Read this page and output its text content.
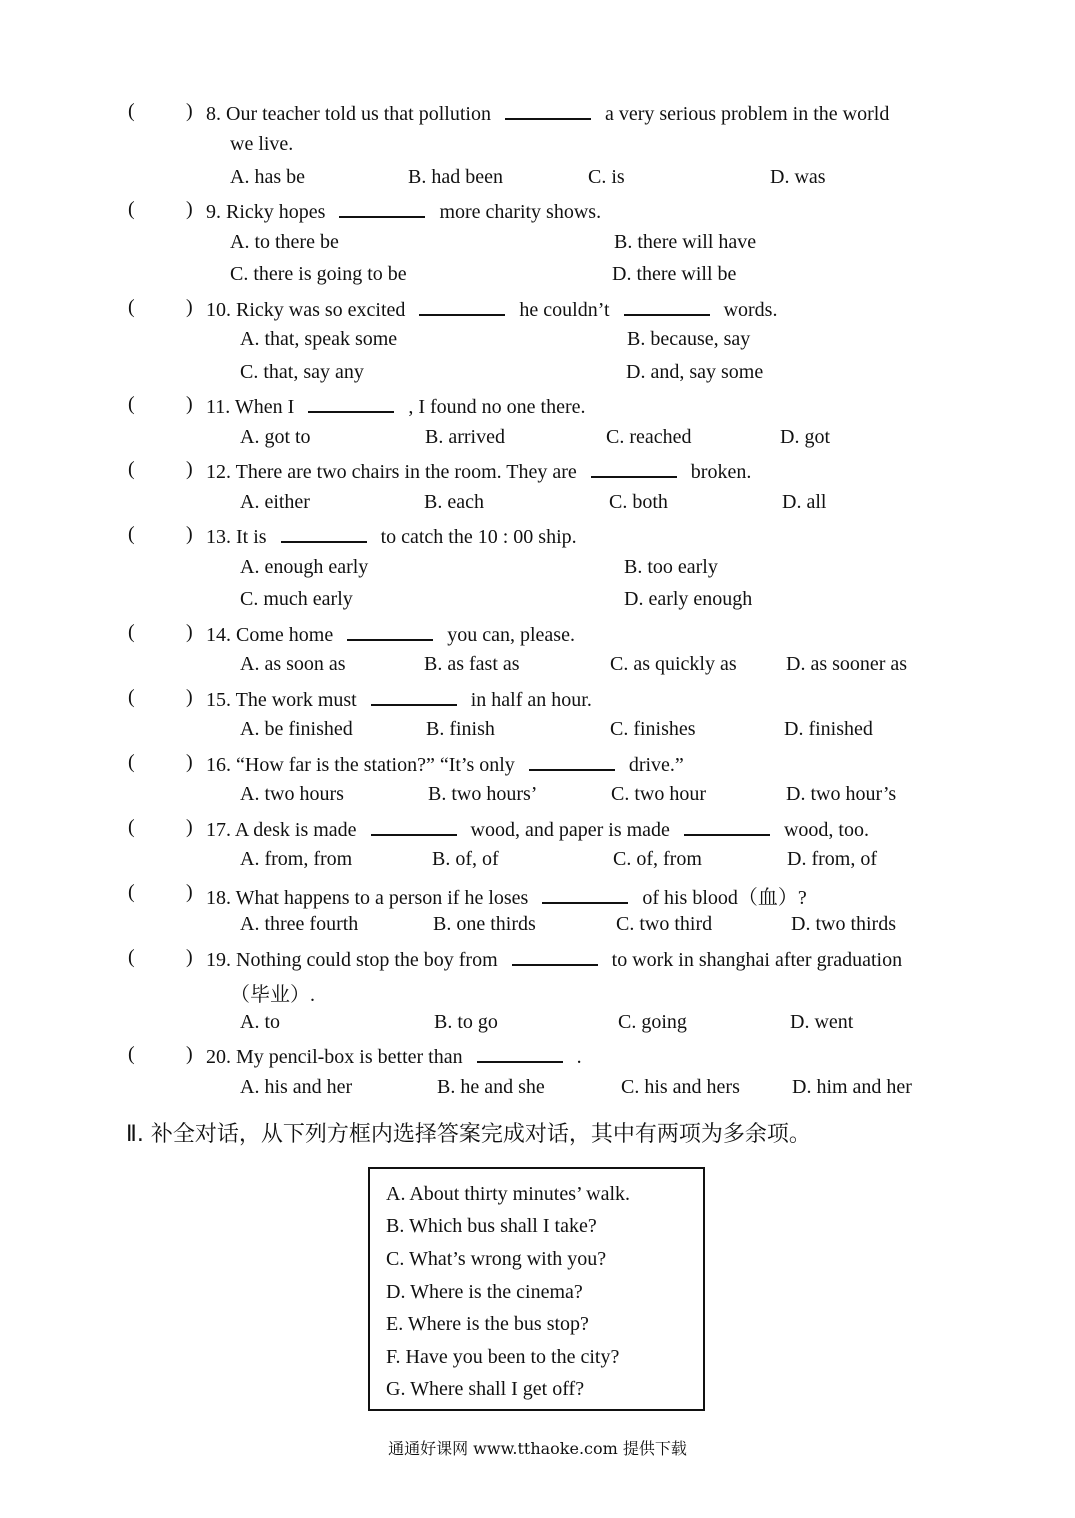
(	) 8. Our teacher told us that pollution	a very serious problem in the world
we live.
A. has be	B. had been	C. is	D. was
(	) 9. Ricky hopes	more charity shows.
A. to there be	B. there will have
C. there is going to be	D. there will be
(	) 10. Ricky was so excited	he couldn’t	words.
A. that, speak some	B. because, say
C. that, say any	D. and, say some
(	) 11. When I	, I found no one there.
A. got to	B. arrived	C. reached	D. got
(	) 12. There are two chairs in the room. They are	broken.
A. either	B. each	C. both	D. all
(	) 13. It is	to catch the 10 : 00 ship.
A. enough early	B. too early
C. much early	D. early enough
(	) 14. Come home	you can, please.
A. as soon as	B. as fast as	C. as quickly as D. as sooner as
(	) 15. The work must	in half an hour.
A. be finished	B. finish	C. finishes	D. finished
(	) 16. “How far is the station?” “It’s only	drive.”
A. two hours	B. two hours’	C. two hour	D. two hour’s
(	) 17. A desk is made	wood, and paper is made	wood, too.
A. from, from	B. of, of	C. of, from	D. from, of
(	) 18. What happens to a person if he loses	of his blood（血）?
A. three fourth	B. one thirds	C. two third	D. two thirds
(	) 19. Nothing could stop the boy from	to work in shanghai after graduation
（毕业）.
A. to	B. to go	C. going	D. went
(	) 20. My pencil-box is better than	.
A. his and her	B. he and she	C. his and hers	D. him and her
Ⅱ. 补全对话，从下列方框内选择答案完成对话，其中有两项为多余项。
A. About thirty minutes’ walk.
B. Which bus shall I take?
C. What’s wrong with you?
D. Where is the cinema?
E. Where is the bus stop?
F. Have you been to the city?
G. Where shall I get off?
通通好课网 www.tthaoke.com 提供下载
